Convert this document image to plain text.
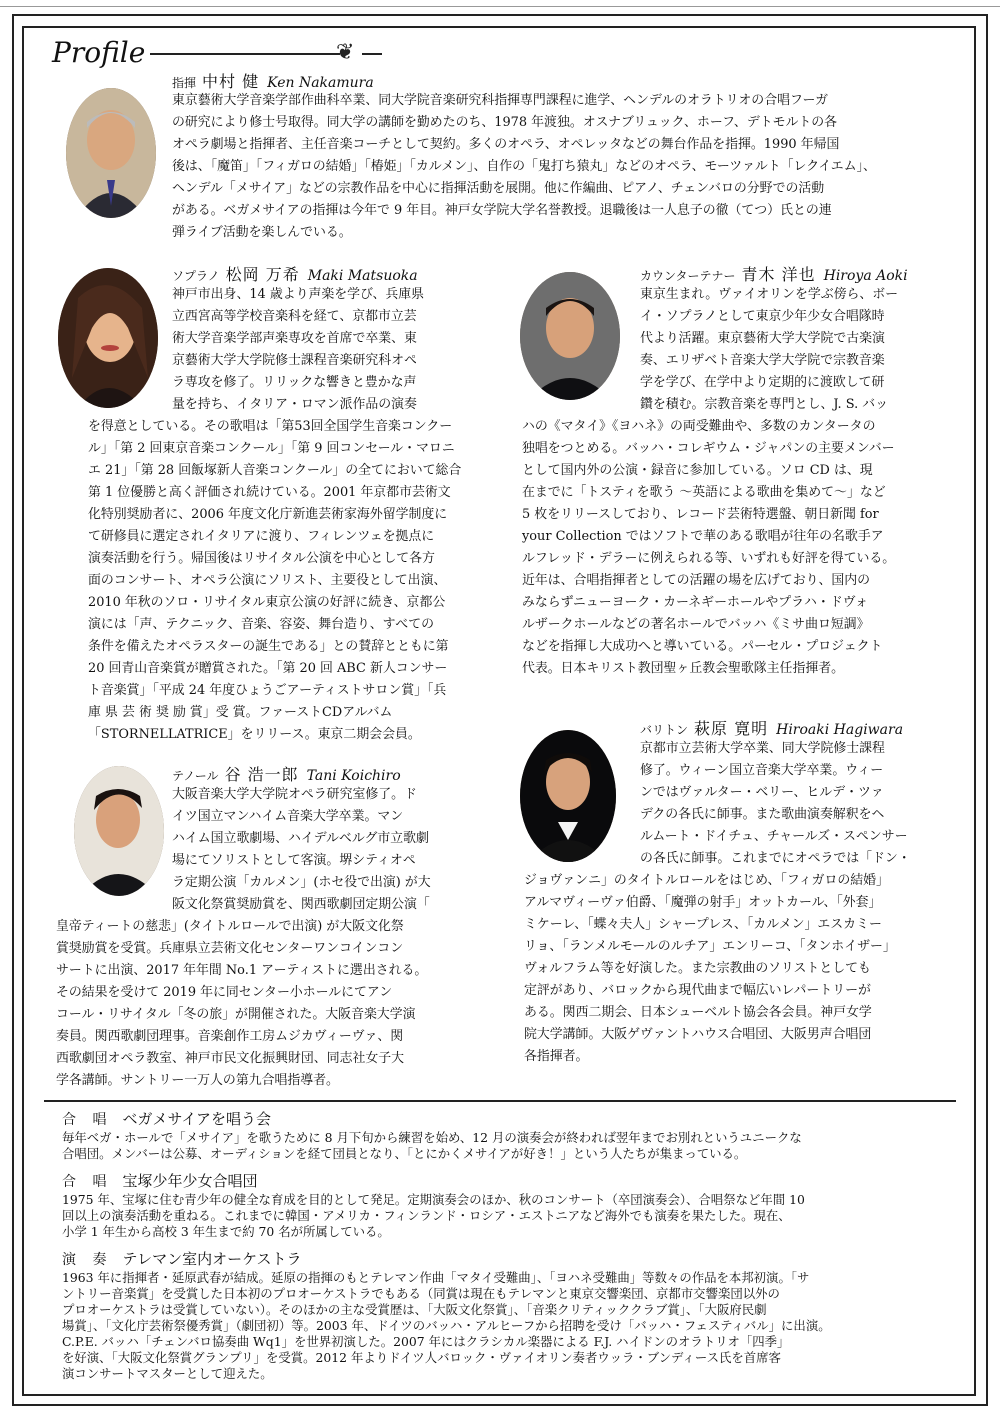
Profile	❦
指揮 中村 健 Ken Nakamura
東京藝術大学音楽学部作曲科卒業、同大学院音楽研究科指揮専門課程に進学、ヘンデルのオラトリオの合唱フーガ
の研究により修士号取得。同大学の講師を勤めたのち、1978 年渡独。オスナブリュック、ホーフ、デトモルトの各
オペラ劇場と指揮者、主任音楽コーチとして契約。多くのオペラ、オペレッタなどの舞台作品を指揮。1990 年帰国
後は、「魔笛」「フィガロの結婚」「椿姫」「カルメン」、自作の「鬼打ち猿丸」などのオペラ、モーツァルト「レクイエム」、
ヘンデル「メサイア」などの宗教作品を中心に指揮活動を展開。他に作編曲、ピアノ、チェンバロの分野での活動
がある。ベガメサイアの指揮は今年で 9 年目。神戸女学院大学名誉教授。退職後は一人息子の徹（てつ）氏との連
弾ライブ活動を楽しんでいる。
ソプラノ 松岡 万希 Maki Matsuoka
神戸市出身、14 歳より声楽を学び、兵庫県
立西宮高等学校音楽科を経て、京都市立芸
術大学音楽学部声楽専攻を首席で卒業、東
京藝術大学大学院修士課程音楽研究科オペ
ラ専攻を修了。リリックな響きと豊かな声
量を持ち、イタリア・ロマン派作品の演奏
を得意としている。その歌唱は「第53回全国学生音楽コンクー
ル」「第 2 回東京音楽コンクール」「第 9 回コンセール・マロニ
エ 21」「第 28 回飯塚新人音楽コンクール」の全てにおいて総合
第 1 位優勝と高く評価され続けている。2001 年京都市芸術文
化特別奨励者に、2006 年度文化庁新進芸術家海外留学制度に
て研修員に選定されイタリアに渡り、フィレンツェを拠点に
演奏活動を行う。帰国後はリサイタル公演を中心として各方
面のコンサート、オペラ公演にソリスト、主要役として出演、
2010 年秋のソロ・リサイタル東京公演の好評に続き、京都公
演には「声、テクニック、音楽、容姿、舞台造り、すべての
条件を備えたオペラスターの誕生である」との賛辞とともに第
20 回青山音楽賞が贈賞された。「第 20 回 ABC 新人コンサー
ト音楽賞」「平成 24 年度ひょうごアーティストサロン賞」「兵
庫 県 芸 術 奨 励 賞」受 賞。ファーストCDアルバム
「STORNELLATRICE」をリリース。東京二期会会員。
カウンターテナー 青木 洋也 Hiroya Aoki
東京生まれ。ヴァイオリンを学ぶ傍ら、ボー
イ・ソプラノとして東京少年少女合唱隊時
代より活躍。東京藝術大学大学院で古楽演
奏、エリザベト音楽大学大学院で宗教音楽
学を学び、在学中より定期的に渡欧して研
鑽を積む。宗教音楽を専門とし、J. S. バッ
ハの《マタイ》《ヨハネ》の両受難曲や、多数のカンタータの
独唱をつとめる。バッハ・コレギウム・ジャパンの主要メンバー
として国内外の公演・録音に参加している。ソロ CD は、現
在までに「トスティを歌う 〜英語による歌曲を集めて〜」など
5 枚をリリースしており、レコード芸術特選盤、朝日新聞 for
your Collection ではソフトで華のある歌唱が往年の名歌手ア
ルフレッド・デラーに例えられる等、いずれも好評を得ている。
近年は、合唱指揮者としての活躍の場を広げており、国内の
みならずニューヨーク・カーネギーホールやプラハ・ドヴォ
ルザークホールなどの著名ホールでバッハ《ミサ曲ロ短調》
などを指揮し大成功へと導いている。パーセル・プロジェクト
代表。日本キリスト教団聖ヶ丘教会聖歌隊主任指揮者。
テノール 谷 浩一郎 Tani Koichiro
大阪音楽大学大学院オペラ研究室修了。ド
イツ国立マンハイム音楽大学卒業。マン
ハイム国立歌劇場、ハイデルベルグ市立歌劇
場にてソリストとして客演。堺シティオペ
ラ定期公演「カルメン」(ホセ役で出演) が大
阪文化祭賞奨励賞を、関西歌劇団定期公演「
皇帝ティートの慈悲」(タイトルロールで出演) が大阪文化祭
賞奨励賞を受賞。兵庫県立芸術文化センターワンコインコン
サートに出演、2017 年年間 No.1 アーティストに選出される。
その結果を受けて 2019 年に同センター小ホールにてアン
コール・リサイタル「冬の旅」が開催された。大阪音楽大学演
奏員。関西歌劇団理事。音楽創作工房ムジカヴィーヴァ、関
西歌劇団オペラ教室、神戸市民文化振興財団、同志社女子大
学各講師。サントリー一万人の第九合唱指導者。
バリトン 萩原 寛明 Hiroaki Hagiwara
京都市立芸術大学卒業、同大学院修士課程
修了。ウィーン国立音楽大学卒業。ウィー
ンではヴァルター・ベリー、ヒルデ・ツァ
デクの各氏に師事。また歌曲演奏解釈をヘ
ルムート・ドイチュ、チャールズ・スペンサー
の各氏に師事。これまでにオペラでは「ドン・
ジョヴァンニ」のタイトルロールをはじめ、「フィガロの結婚」
アルマヴィーヴァ伯爵、「魔弾の射手」オットカール、「外套」
ミケーレ、「蝶々夫人」シャープレス、「カルメン」エスカミー
リョ、「ランメルモールのルチア」エンリーコ、「タンホイザー」
ヴォルフラム等を好演した。また宗教曲のソリストとしても
定評があり、バロックから現代曲まで幅広いレパートリーが
ある。関西二期会、日本シューベルト協会各会員。神戸女学
院大学講師。大阪ゲヴァントハウス合唱団、大阪男声合唱団
各指揮者。
合 唱 ベガメサイアを唱う会
毎年ベガ・ホールで「メサイア」を歌うために 8 月下旬から練習を始め、12 月の演奏会が終われば翌年までお別れというユニークな
合唱団。メンバーは公募、オーディションを経て団員となり、「とにかくメサイアが好き！」という人たちが集まっている。
合 唱 宝塚少年少女合唱団
1975 年、宝塚に住む青少年の健全な育成を目的として発足。定期演奏会のほか、秋のコンサート（卒団演奏会）、合唱祭など年間 10
回以上の演奏活動を重ねる。これまでに韓国・アメリカ・フィンランド・ロシア・エストニアなど海外でも演奏を果たした。現在、
小学 1 年生から高校 3 年生まで約 70 名が所属している。
演 奏 テレマン室内オーケストラ
1963 年に指揮者・延原武春が結成。延原の指揮のもとテレマン作曲「マタイ受難曲」、「ヨハネ受難曲」等数々の作品を本邦初演。「サ
ントリー音楽賞」を受賞した日本初のプロオーケストラでもある（同賞は現在もテレマンと東京交響楽団、京都市交響楽団以外の
プロオーケストラは受賞していない）。そのほかの主な受賞歴は、「大阪文化祭賞」、「音楽クリティッククラブ賞」、「大阪府民劇
場賞」、「文化庁芸術祭優秀賞」（劇団初）等。2003 年、ドイツのバッハ・アルヒーフから招聘を受け「バッハ・フェスティバル」に出演。
C.P.E. バッハ「チェンバロ協奏曲 Wq1」を世界初演した。2007 年にはクラシカル楽器による F.J. ハイドンのオラトリオ「四季」
を好演、「大阪文化祭賞グランプリ」を受賞。2012 年よりドイツ人バロック・ヴァイオリン奏者ウッラ・ブンディース氏を首席客
演コンサートマスターとして迎えた。
